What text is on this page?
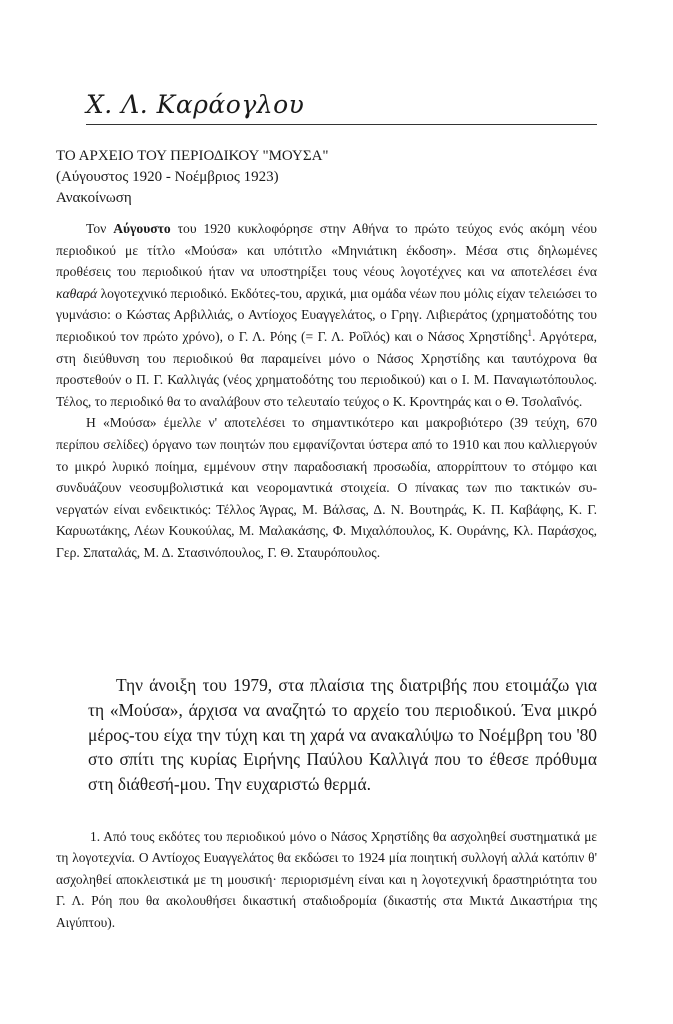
Χ. Λ. Καράογλου
ΤΟ ΑΡΧΕΙΟ ΤΟΥ ΠΕΡΙΟΔΙΚΟΥ "ΜΟΥΣΑ"
(Αύγουστος 1920 - Νοέμβριος 1923)
Ανακοίνωση

Τον Αύγουστο του 1920 κυκλοφόρησε στην Αθήνα το πρώτο τεύχος ενός ακόμη νέου περιοδικού με τίτλο «Μούσα» και υπότιτλο «Μηνιάτικη έκδοση». Μέσα στις δηλωμένες προθέσεις του περιοδικού ήταν να υποστηρίξει τους νέους λογοτέχνες και να αποτελέσει ένα καθαρά λογοτεχνικό περιοδικό. Εκδότες-του, αρχικά, μια ομάδα νέων που μόλις είχαν τελειώσει το γυμνάσιο: ο Κώστας Αρβιλλιάς, ο Αντίοχος Ευαγγελάτος, ο Γρηγ. Λιβιεράτος (χρηματοδότης του περιοδικού τον πρώτο χρόνο), ο Γ. Λ. Ρόης (= Γ. Λ. Ροΐλός) και ο Νάσος Χρηστίδης$^1$. Αργότερα, στη διεύθυνση του περιοδικού θα παραμείνει μόνο ο Νάσος Χρηστίδης και ταυτόχρονα θα προστεθούν ο Π. Γ. Καλλιγάς (νέος χρηματοδότης του περιοδικού) και ο Ι. Μ. Παναγιωτόπουλος. Τέλος, το περιοδικό θα το αναλάβουν στο τελευταίο τεύχος ο Κ. Κροντηράς και ο Θ. Τσολαΐνός.

Η «Μούσα» έμελλε ν' αποτελέσει το σημαντικότερο και μακροβιότερο (39 τεύχη, 670 περίπου σελίδες) όργανο των ποιητών που εμφανίζονται ύστερα από το 1910 και που καλλιεργούν το μικρό λυρικό ποίημα, εμμένουν στην παραδοσιακή προσωδία, απορρίπτουν το στόμφο και συνδυάζουν νεοσυμβολιστικά και νεορομαντικά στοιχεία. Ο πίνακας των πιο τακτικών συνεργατών είναι ενδεικτικός: Τέλλος Άγρας, Μ. Βάλσας, Δ. Ν. Βουτηράς, Κ. Π. Καβάφης, Κ. Γ. Καρυωτάκης, Λέων Κουκούλας, Μ. Μαλακάσης, Φ. Μιχαλόπουλος, Κ. Ουράνης, Κλ. Παράσχος, Γερ. Σπαταλάς, Μ. Δ. Στασινόπουλος, Γ. Θ. Σταυρόπουλος.

Την άνοιξη του 1979, στα πλαίσια της διατριβής που ετοιμάζω για τη «Μούσα», άρχισα να αναζητώ το αρχείο του περιοδικού. Ένα μικρό μέρος-του είχα την τύχη και τη χαρά να ανακαλύψω το Νοέμβρη του '80 στο σπίτι της κυρίας Ειρήνης Παύλου Καλλιγά που το έθεσε πρόθυμα στη διάθεσή-μου. Την ευχαριστώ θερμά.

1. Από τους εκδότες του περιοδικού μόνο ο Νάσος Χρηστίδης θα ασχοληθεί συστηματικά με τη λογοτεχνία. Ο Αντίοχος Ευαγγελάτος θα εκδώσει το 1924 μία ποιητική συλλογή αλλά κατόπιν θ' ασχοληθεί αποκλειστικά με τη μουσική· περιορισμένη είναι και η λογοτεχνική δραστηριότητα του Γ. Λ. Ρόη που θα ακολουθήσει δικαστική σταδιοδρομία (δικαστής στα Μικτά Δικαστήρια της Αιγύπτου).
